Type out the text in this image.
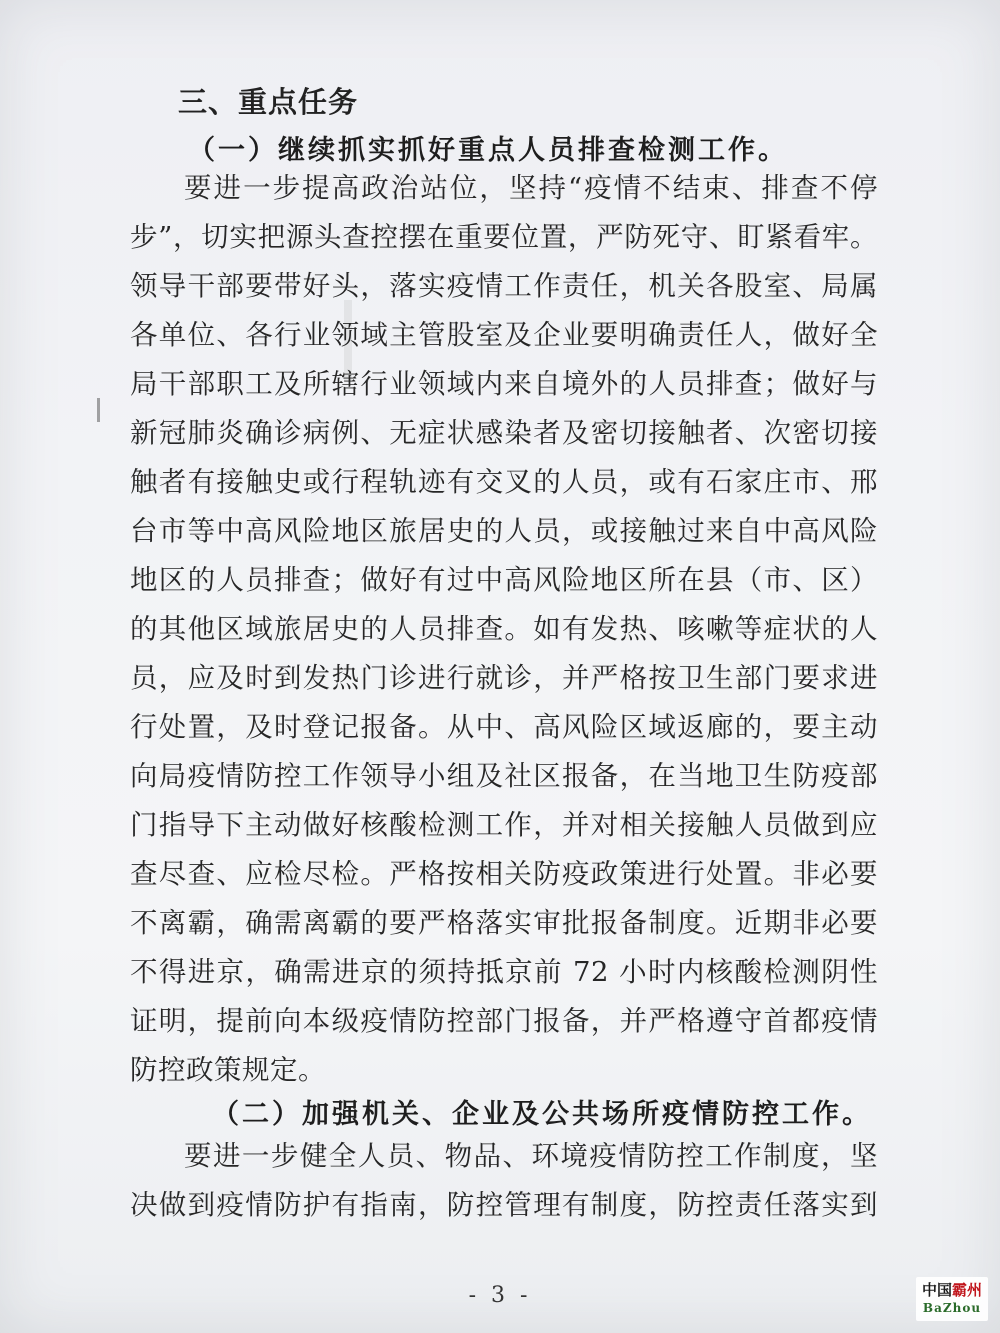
三、重点任务
（一）继续抓实抓好重点人员排查检测工作。
要进一步提高政治站位，坚持“疫情不结束、排查不停
步”，切实把源头查控摆在重要位置，严防死守、盯紧看牢。
领导干部要带好头，落实疫情工作责任，机关各股室、局属
各单位、各行业领域主管股室及企业要明确责任人，做好全
局干部职工及所辖行业领域内来自境外的人员排查；做好与
新冠肺炎确诊病例、无症状感染者及密切接触者、次密切接
触者有接触史或行程轨迹有交叉的人员，或有石家庄市、邢
台市等中高风险地区旅居史的人员，或接触过来自中高风险
地区的人员排查；做好有过中高风险地区所在县（市、区）
的其他区域旅居史的人员排查。如有发热、咳嗽等症状的人
员，应及时到发热门诊进行就诊，并严格按卫生部门要求进
行处置，及时登记报备。从中、高风险区域返廊的，要主动
向局疫情防控工作领导小组及社区报备，在当地卫生防疫部
门指导下主动做好核酸检测工作，并对相关接触人员做到应
查尽查、应检尽检。严格按相关防疫政策进行处置。非必要
不离霸，确需离霸的要严格落实审批报备制度。近期非必要
不得进京，确需进京的须持抵京前 72 小时内核酸检测阴性
证明，提前向本级疫情防控部门报备，并严格遵守首都疫情
防控政策规定。
（二）加强机关、企业及公共场所疫情防控工作。
要进一步健全人员、物品、环境疫情防控工作制度，坚
决做到疫情防护有指南，防控管理有制度，防控责任落实到
- 3 -	中国霸州
BaZhou
